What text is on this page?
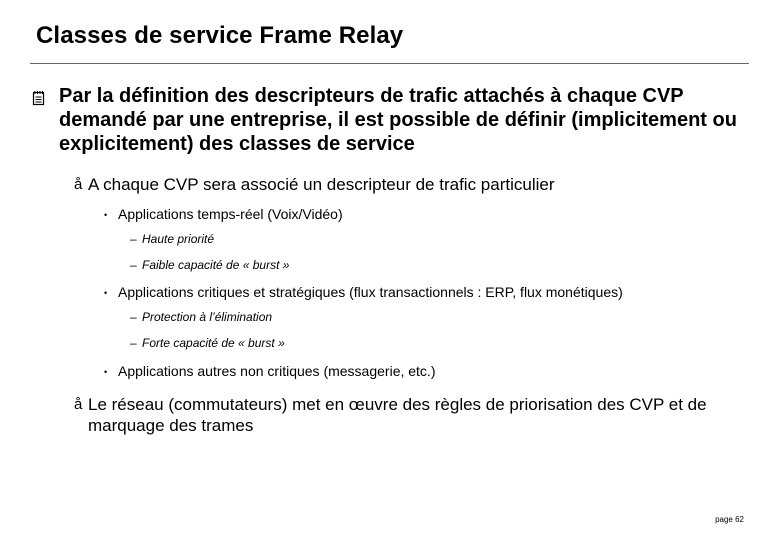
Classes de service Frame Relay
Par la définition des descripteurs de trafic attachés à chaque CVP demandé par une entreprise, il est possible de définir (implicitement ou explicitement) des classes de service
å A chaque CVP sera associé un descripteur de trafic particulier
• Applications temps-réel (Voix/Vidéo)
– Haute priorité
– Faible capacité de « burst »
• Applications critiques et stratégiques (flux transactionnels : ERP, flux monétiques)
– Protection à l’élimination
– Forte capacité de « burst »
• Applications autres non critiques (messagerie, etc.)
å Le réseau (commutateurs) met en œuvre des règles de priorisation des CVP et de marquage des trames
page 62
